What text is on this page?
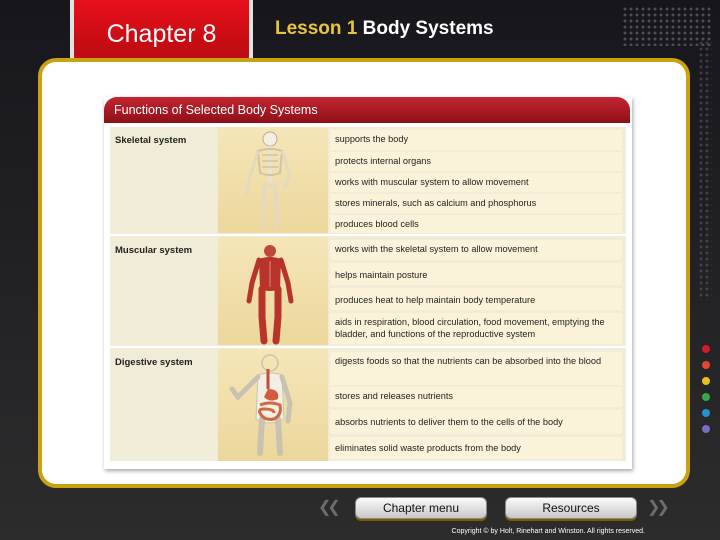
Chapter 8	Lesson 1 Body Systems
Functions of Selected Body Systems
Skeletal system	supports the body
protects internal organs
works with muscular system to allow movement
stores minerals, such as calcium and phosphorus
produces blood cells
Muscular system	works with the skeletal system to allow movement
helps maintain posture
produces heat to help maintain body temperature
aids in respiration, blood circulation, food movement, emptying the bladder, and functions of the reproductive system
Digestive system	digests foods so that the nutrients can be absorbed into the blood
stores and releases nutrients
absorbs nutrients to deliver them to the cells of the body
eliminates solid waste products from the body
❮❮	Chapter menu	Resources	❯❯
Copyright © by Holt, Rinehart and Winston. All rights reserved.
